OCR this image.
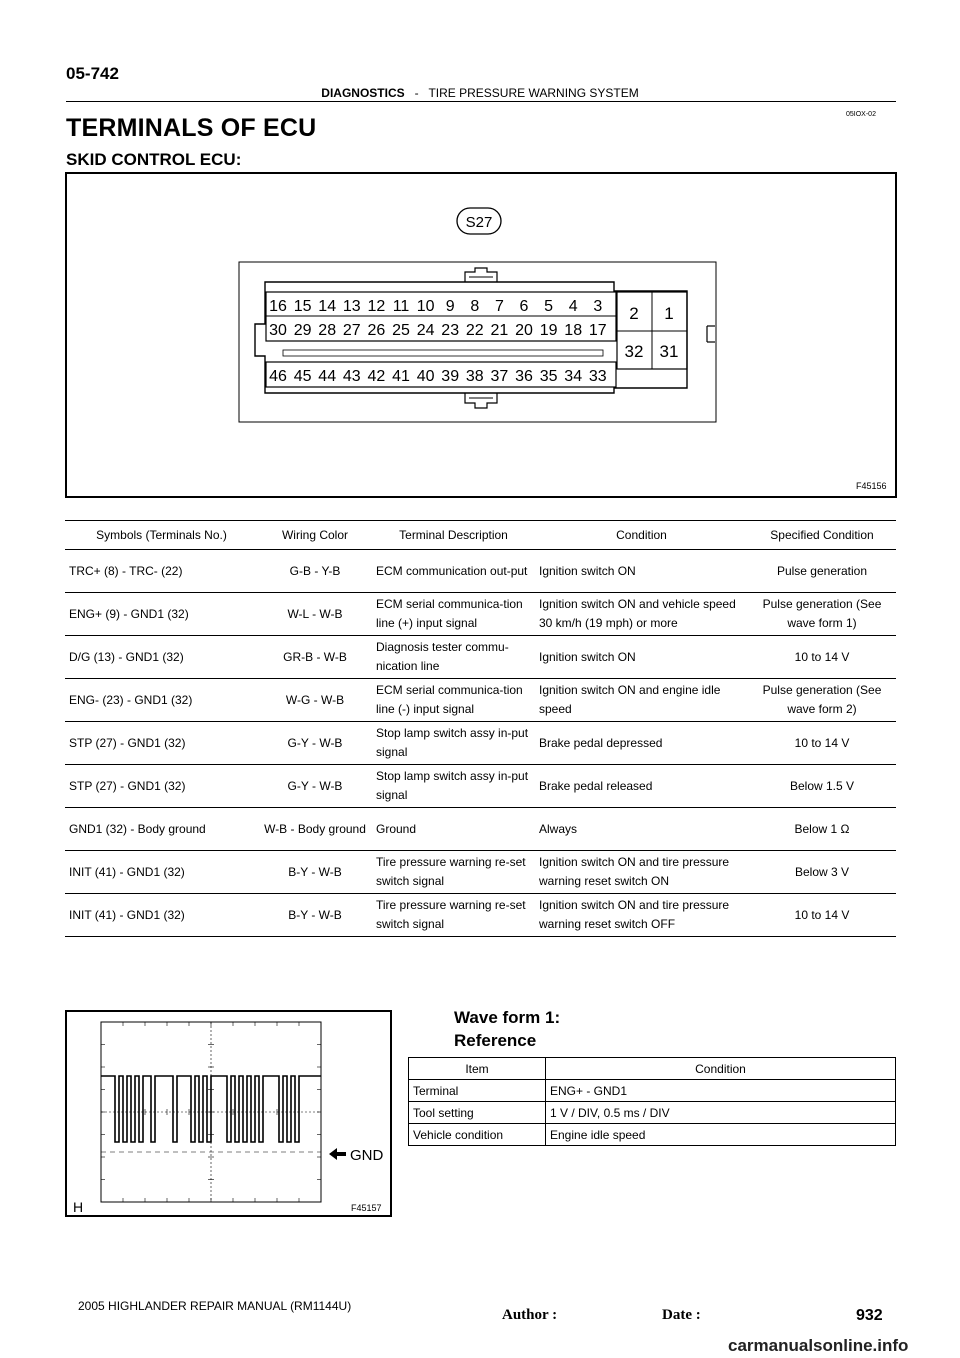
05-742
DIAGNOSTICS - TIRE PRESSURE WARNING SYSTEM
05IOX-02
TERMINALS OF ECU
SKID CONTROL ECU:
S27
16 15 14 13 12 11 10 9 8 7 6 5 4 3
30 29 28 27 26 25 24 23 22 21 20 19 18 17
46 45 44 43 42 41 40 39 38 37 36 35 34 33
2 1
32 31
F45156
Symbols (Terminals No.)	Wiring Color	Terminal Description	Condition	Specified Condition
TRC+ (8) - TRC- (22)	G-B - Y-B	ECM communication out-put	Ignition switch ON	Pulse generation
ENG+ (9) - GND1 (32)	W-L - W-B	ECM serial communica-tion line (+) input signal	Ignition switch ON and vehicle speed 30 km/h (19 mph) or more	Pulse generation (See wave form 1)
D/G (13) - GND1 (32)	GR-B - W-B	Diagnosis tester commu-nication line	Ignition switch ON	10 to 14 V
ENG- (23) - GND1 (32)	W-G - W-B	ECM serial communica-tion line (-) input signal	Ignition switch ON and engine idle speed	Pulse generation (See wave form 2)
STP (27) - GND1 (32)	G-Y - W-B	Stop lamp switch assy in-put signal	Brake pedal depressed	10 to 14 V
STP (27) - GND1 (32)	G-Y - W-B	Stop lamp switch assy in-put signal	Brake pedal released	Below 1.5 V
GND1 (32) - Body ground	W-B - Body ground	Ground	Always	Below 1 Ω
INIT (41) - GND1 (32)	B-Y - W-B	Tire pressure warning re-set switch signal	Ignition switch ON and tire pressure warning reset switch ON	Below 3 V
INIT (41) - GND1 (32)	B-Y - W-B	Tire pressure warning re-set switch signal	Ignition switch ON and tire pressure warning reset switch OFF	10 to 14 V
GND
H	F45157
Wave form 1:
Reference
Item	Condition
Terminal	ENG+ - GND1
Tool setting	1 V / DIV, 0.5 ms / DIV
Vehicle condition	Engine idle speed
2005 HIGHLANDER REPAIR MANUAL (RM1144U)
Author :	Date :	932
carmanualsonline.info
